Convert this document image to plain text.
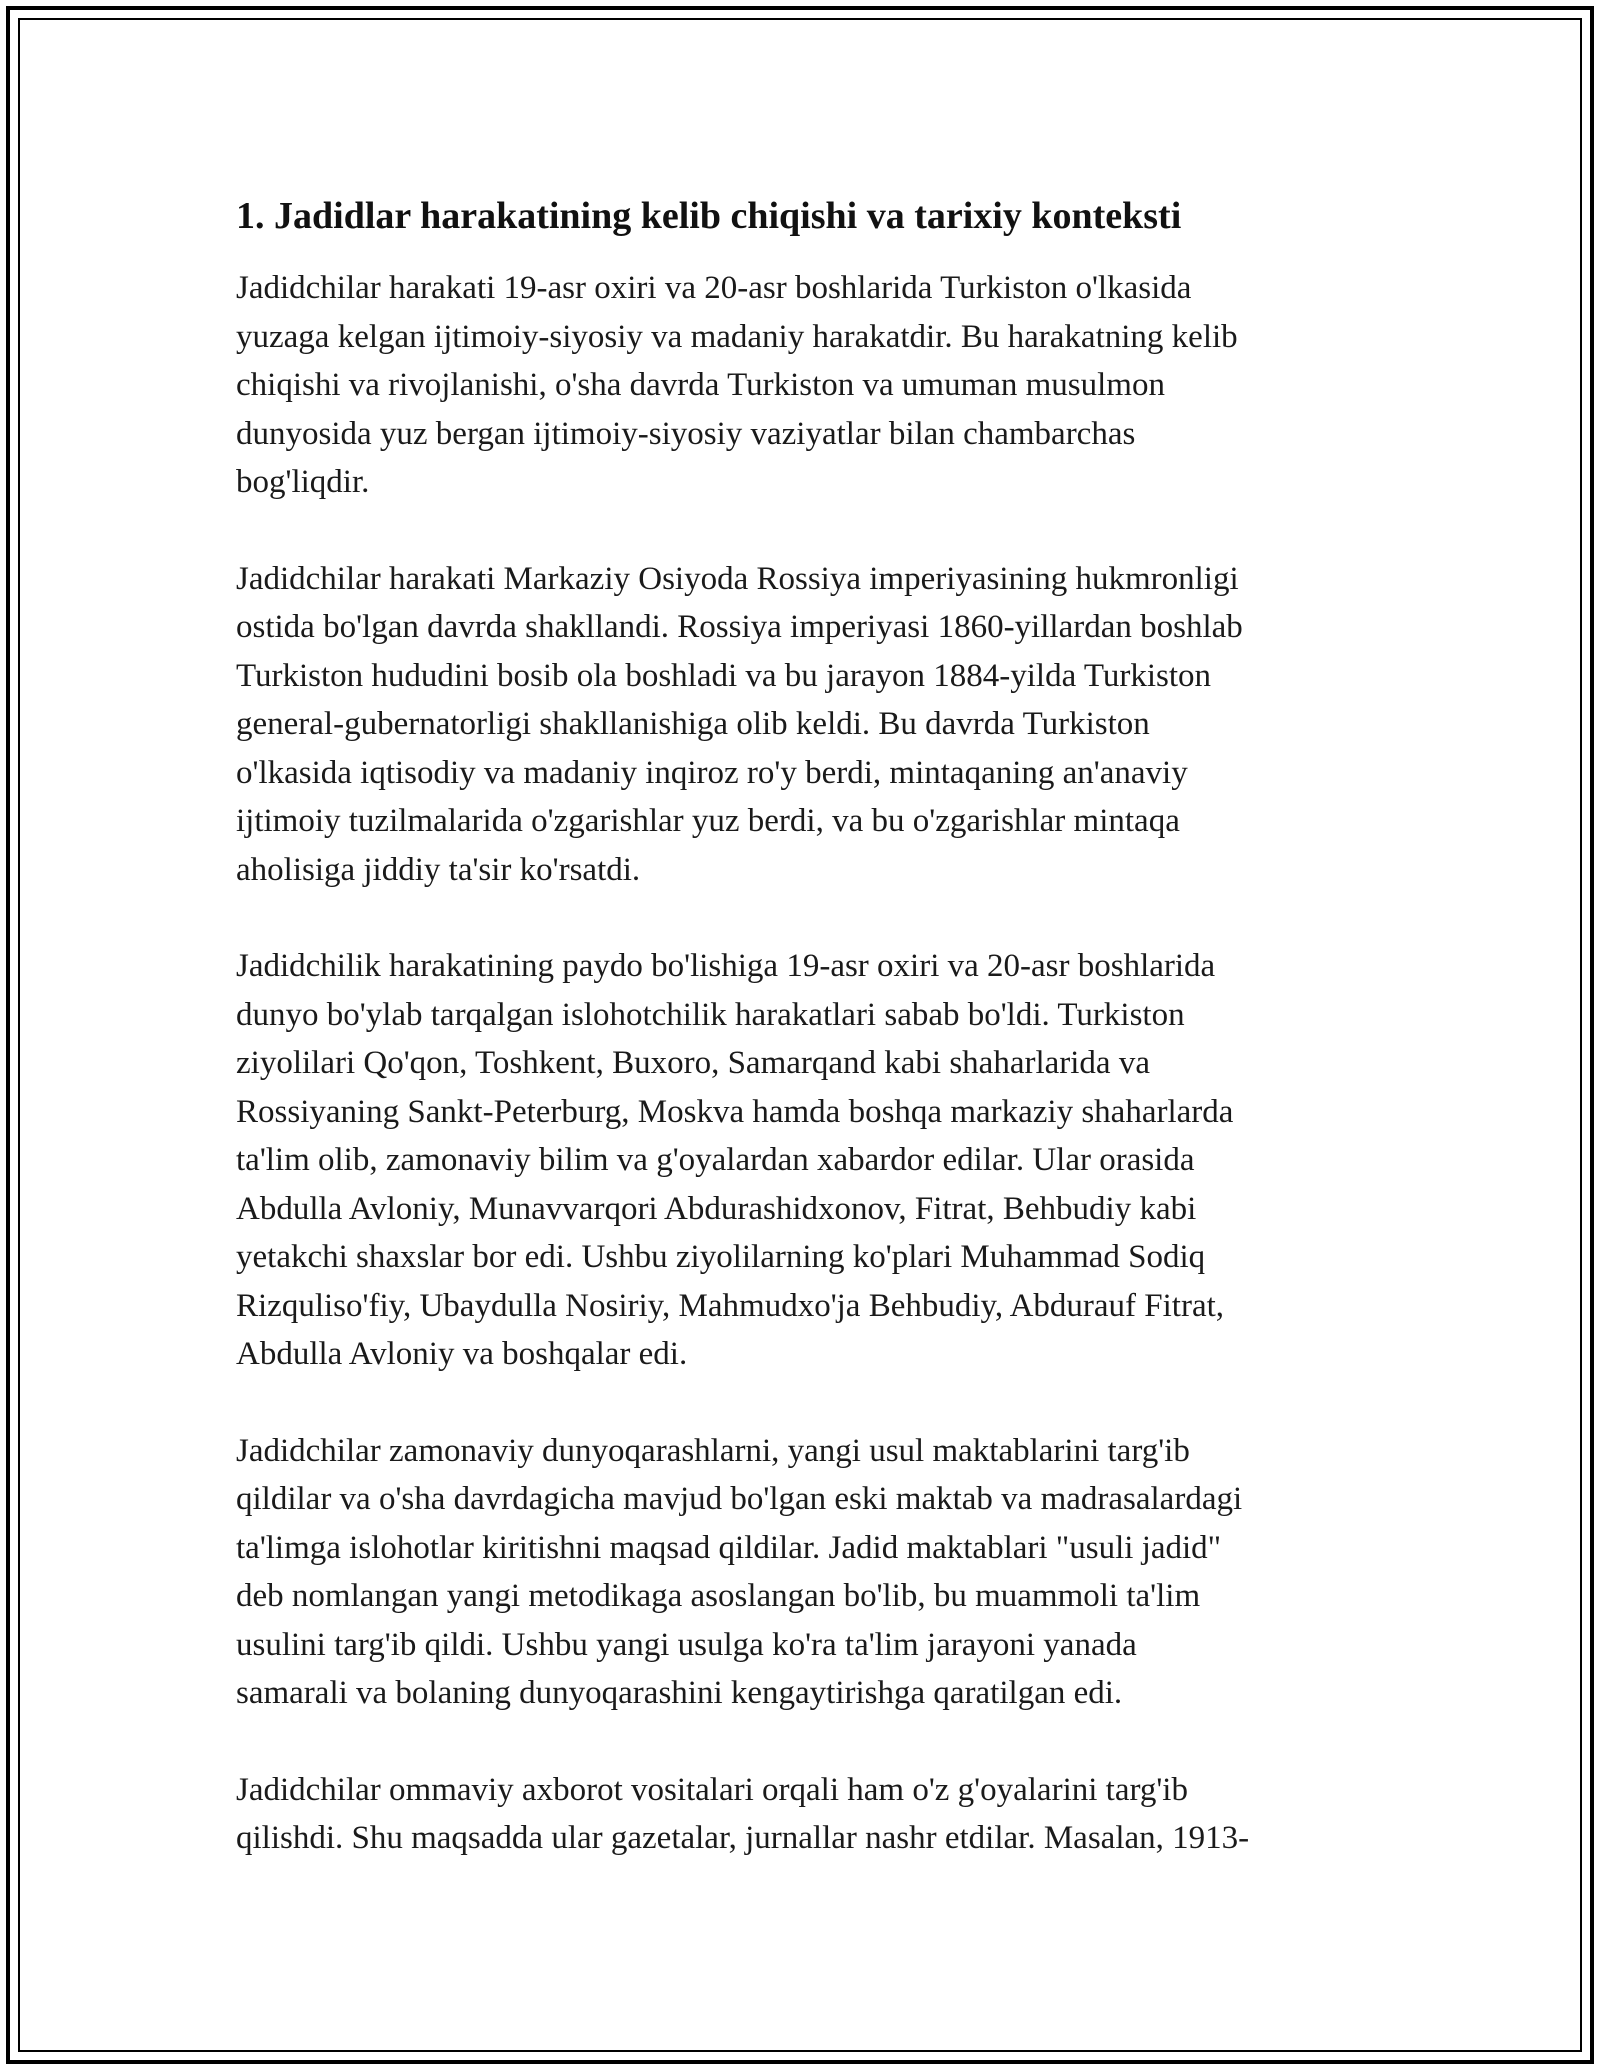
1. Jadidlar harakatining kelib chiqishi va tarixiy konteksti

Jadidchilar harakati 19-asr oxiri va 20-asr boshlarida Turkiston o'lkasida
yuzaga kelgan ijtimoiy-siyosiy va madaniy harakatdir. Bu harakatning kelib
chiqishi va rivojlanishi, o'sha davrda Turkiston va umuman musulmon
dunyosida yuz bergan ijtimoiy-siyosiy vaziyatlar bilan chambarchas
bog'liqdir.

Jadidchilar harakati Markaziy Osiyoda Rossiya imperiyasining hukmronligi
ostida bo'lgan davrda shakllandi. Rossiya imperiyasi 1860-yillardan boshlab
Turkiston hududini bosib ola boshladi va bu jarayon 1884-yilda Turkiston
general-gubernatorligi shakllanishiga olib keldi. Bu davrda Turkiston
o'lkasida iqtisodiy va madaniy inqiroz ro'y berdi, mintaqaning an'anaviy
ijtimoiy tuzilmalarida o'zgarishlar yuz berdi, va bu o'zgarishlar mintaqa
aholisiga jiddiy ta'sir ko'rsatdi.

Jadidchilik harakatining paydo bo'lishiga 19-asr oxiri va 20-asr boshlarida
dunyo bo'ylab tarqalgan islohotchilik harakatlari sabab bo'ldi. Turkiston
ziyolilari Qo'qon, Toshkent, Buxoro, Samarqand kabi shaharlarida va
Rossiyaning Sankt-Peterburg, Moskva hamda boshqa markaziy shaharlarda
ta'lim olib, zamonaviy bilim va g'oyalardan xabardor edilar. Ular orasida
Abdulla Avloniy, Munavvarqori Abdurashidxonov, Fitrat, Behbudiy kabi
yetakchi shaxslar bor edi. Ushbu ziyolilarning ko'plari Muhammad Sodiq
Rizquliso'fiy, Ubaydulla Nosiriy, Mahmudxo'ja Behbudiy, Abdurauf Fitrat,
Abdulla Avloniy va boshqalar edi.

Jadidchilar zamonaviy dunyoqarashlarni, yangi usul maktablarini targ'ib
qildilar va o'sha davrdagicha mavjud bo'lgan eski maktab va madrasalardagi
ta'limga islohotlar kiritishni maqsad qildilar. Jadid maktablari "usuli jadid"
deb nomlangan yangi metodikaga asoslangan bo'lib, bu muammoli ta'lim
usulini targ'ib qildi. Ushbu yangi usulga ko'ra ta'lim jarayoni yanada
samarali va bolaning dunyoqarashini kengaytirishga qaratilgan edi.

Jadidchilar ommaviy axborot vositalari orqali ham o'z g'oyalarini targ'ib
qilishdi. Shu maqsadda ular gazetalar, jurnallar nashr etdilar. Masalan, 1913-
